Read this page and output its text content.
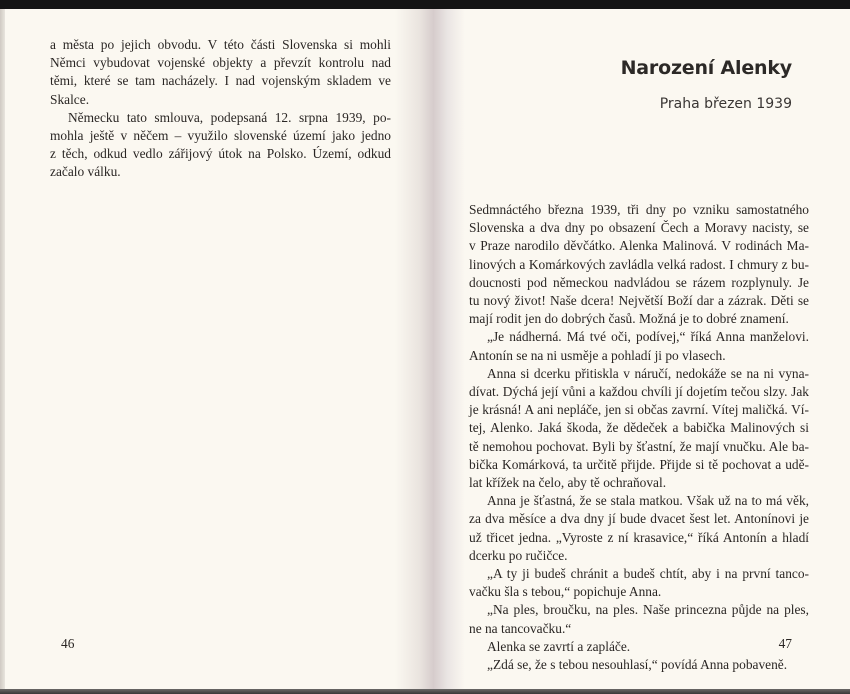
a města po jejich obvodu. V této části Slovenska si mohli
Němci vybudovat vojenské objekty a převzít kontrolu nad
těmi, které se tam nacházely. I nad vojenským skladem ve
Skalce.
Německu tato smlouva, podepsaná 12. srpna 1939, po-
mohla ještě v něčem – využilo slovenské území jako jedno
z těch, odkud vedlo zářijový útok na Polsko. Území, odkud
začalo válku.
46
Narození Alenky
Praha březen 1939
Sedmnáctého března 1939, tři dny po vzniku samostatného
Slovenska a dva dny po obsazení Čech a Moravy nacisty, se
v Praze narodilo děvčátko. Alenka Malinová. V rodinách Ma-
linových a Komárkových zavládla velká radost. I chmury z bu-
doucnosti pod německou nadvládou se rázem rozplynuly. Je
tu nový život! Naše dcera! Největší Boží dar a zázrak. Děti se
mají rodit jen do dobrých časů. Možná je to dobré znamení.
„Je nádherná. Má tvé oči, podívej,“ říká Anna manželovi.
Antonín se na ni usměje a pohladí ji po vlasech.
Anna si dcerku přitiskla v náručí, nedokáže se na ni vyna-
dívat. Dýchá její vůni a každou chvíli jí dojetím tečou slzy. Jak
je krásná! A ani nepláče, jen si občas zavrní. Vítej maličká. Ví-
tej, Alenko. Jaká škoda, že dědeček a babička Malinových si
tě nemohou pochovat. Byli by šťastní, že mají vnučku. Ale ba-
bička Komárková, ta určitě přijde. Přijde si tě pochovat a udě-
lat křížek na čelo, aby tě ochraňoval.
Anna je šťastná, že se stala matkou. Však už na to má věk,
za dva měsíce a dva dny jí bude dvacet šest let. Antonínovi je
už třicet jedna. „Vyroste z ní krasavice,“ říká Antonín a hladí
dcerku po ručičce.
„A ty ji budeš chránit a budeš chtít, aby i na první tanco-
vačku šla s tebou,“ popichuje Anna.
„Na ples, broučku, na ples. Naše princezna půjde na ples,
ne na tancovačku.“
Alenka se zavrtí a zapláče.
„Zdá se, že s tebou nesouhlasí,“ povídá Anna pobaveně.
47
